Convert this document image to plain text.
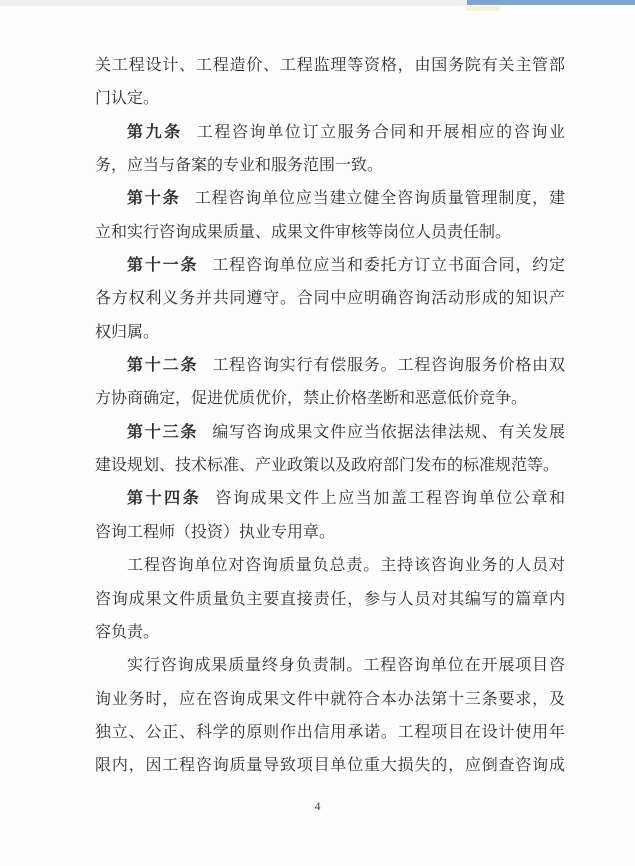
关工程设计、工程造价、工程监理等资格，由国务院有关主管部
门认定。
第九条 工程咨询单位订立服务合同和开展相应的咨询业
务，应当与备案的专业和服务范围一致。
第十条 工程咨询单位应当建立健全咨询质量管理制度，建
立和实行咨询成果质量、成果文件审核等岗位人员责任制。
第十一条 工程咨询单位应当和委托方订立书面合同，约定
各方权利义务并共同遵守。合同中应明确咨询活动形成的知识产
权归属。
第十二条 工程咨询实行有偿服务。工程咨询服务价格由双
方协商确定，促进优质优价，禁止价格垄断和恶意低价竞争。
第十三条 编写咨询成果文件应当依据法律法规、有关发展
建设规划、技术标准、产业政策以及政府部门发布的标准规范等。
第十四条 咨询成果文件上应当加盖工程咨询单位公章和
咨询工程师（投资）执业专用章。
工程咨询单位对咨询质量负总责。主持该咨询业务的人员对
咨询成果文件质量负主要直接责任，参与人员对其编写的篇章内
容负责。
实行咨询成果质量终身负责制。工程咨询单位在开展项目咨
询业务时，应在咨询成果文件中就符合本办法第十三条要求，及
独立、公正、科学的原则作出信用承诺。工程项目在设计使用年
限内，因工程咨询质量导致项目单位重大损失的，应倒查咨询成
4
